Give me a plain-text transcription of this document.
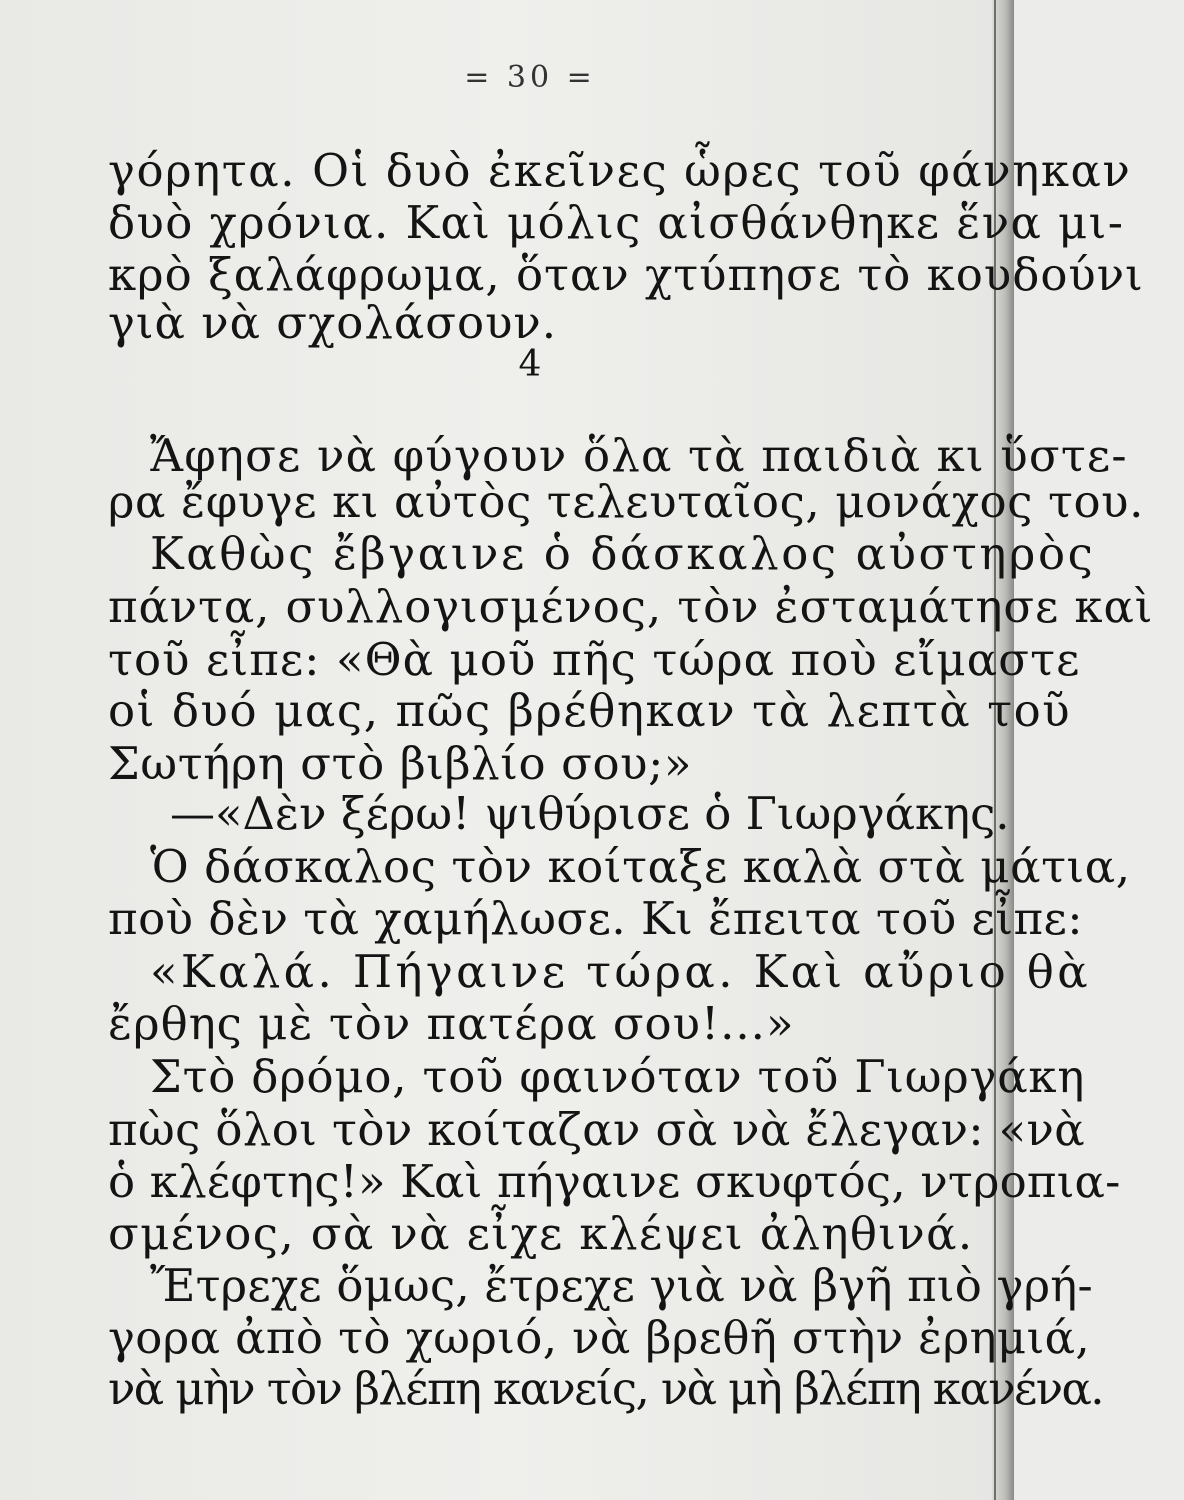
= 30 =
γόρητα. Οἱ δυὸ ἐκεῖνες ὧρες τοῦ φάνηκαν
δυὸ χρόνια. Καὶ μόλις αἰσθάνθηκε ἕνα μι-
κρὸ ξαλάφρωμα, ὅταν χτύπησε τὸ κουδούνι
γιὰ νὰ σχολάσουν.
4
Ἄφησε νὰ φύγουν ὅλα τὰ παιδιὰ κι ὕστε-
ρα ἔφυγε κι αὐτὸς τελευταῖος, μονάχος του.
Καθὼς ἔβγαινε ὁ δάσκαλος αὐστηρὸς
πάντα, συλλογισμένος, τὸν ἐσταμάτησε καὶ
τοῦ εἶπε: «Θὰ μοῦ πῆς τώρα ποὺ εἴμαστε
οἱ δυό μας, πῶς βρέθηκαν τὰ λεπτὰ τοῦ
Σωτήρη στὸ βιβλίο σου;»
—«Δὲν ξέρω! ψιθύρισε ὁ Γιωργάκης.
Ὁ δάσκαλος τὸν κοίταξε καλὰ στὰ μάτια,
ποὺ δὲν τὰ χαμήλωσε. Κι ἔπειτα τοῦ εἶπε:
«Καλά. Πήγαινε τώρα. Καὶ αὔριο θὰ
ἔρθης μὲ τὸν πατέρα σου!...»
Στὸ δρόμο, τοῦ φαινόταν τοῦ Γιωργάκη
πὼς ὅλοι τὸν κοίταζαν σὰ νὰ ἔλεγαν: «νὰ
ὁ κλέφτης!» Καὶ πήγαινε σκυφτός, ντροπια-
σμένος, σὰ νὰ εἶχε κλέψει ἀληθινά.
Ἔτρεχε ὅμως, ἔτρεχε γιὰ νὰ βγῆ πιὸ γρή-
γορα ἀπὸ τὸ χωριό, νὰ βρεθῆ στὴν ἐρημιά,
νὰ μὴν τὸν βλέπη κανείς, νὰ μὴ βλέπη κανένα.
